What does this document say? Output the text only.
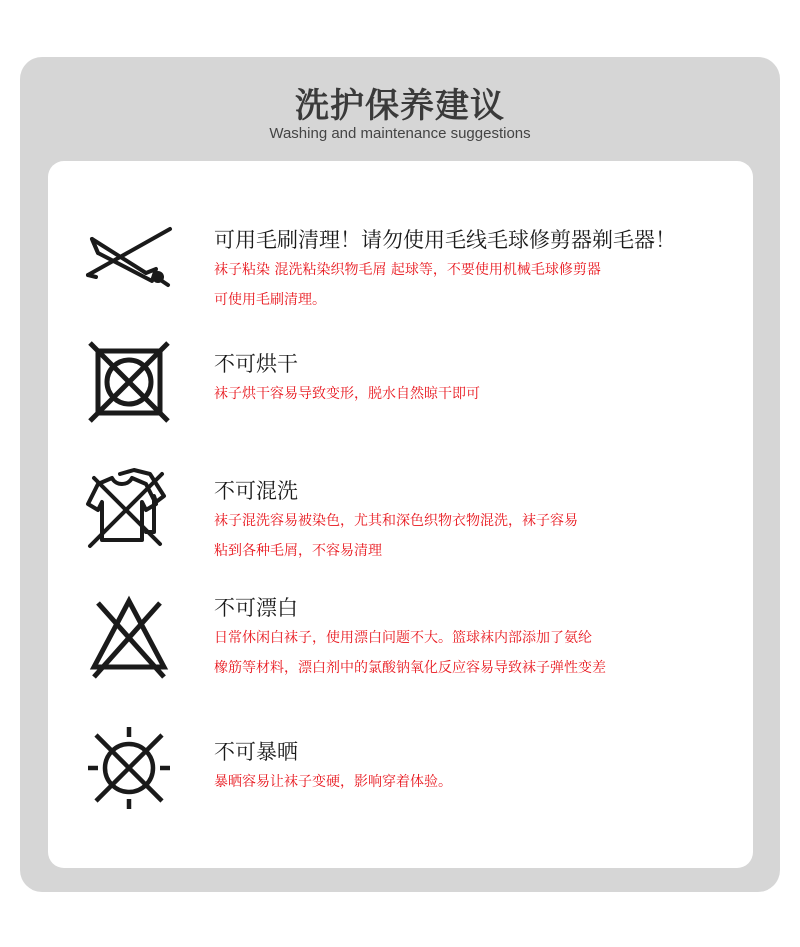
洗护保养建议
Washing and maintenance suggestions
可用毛刷清理！请勿使用毛线毛球修剪器剃毛器！
袜子粘染 混洗粘染织物毛屑 起球等，不要使用机械毛球修剪器
可使用毛刷清理。
不可烘干
袜子烘干容易导致变形，脱水自然晾干即可
不可混洗
袜子混洗容易被染色，尤其和深色织物衣物混洗，袜子容易
粘到各种毛屑，不容易清理
不可漂白
日常休闲白袜子，使用漂白问题不大。篮球袜内部添加了氨纶
橡筋等材料，漂白剂中的氯酸钠氧化反应容易导致袜子弹性变差
不可暴晒
暴晒容易让袜子变硬，影响穿着体验。
